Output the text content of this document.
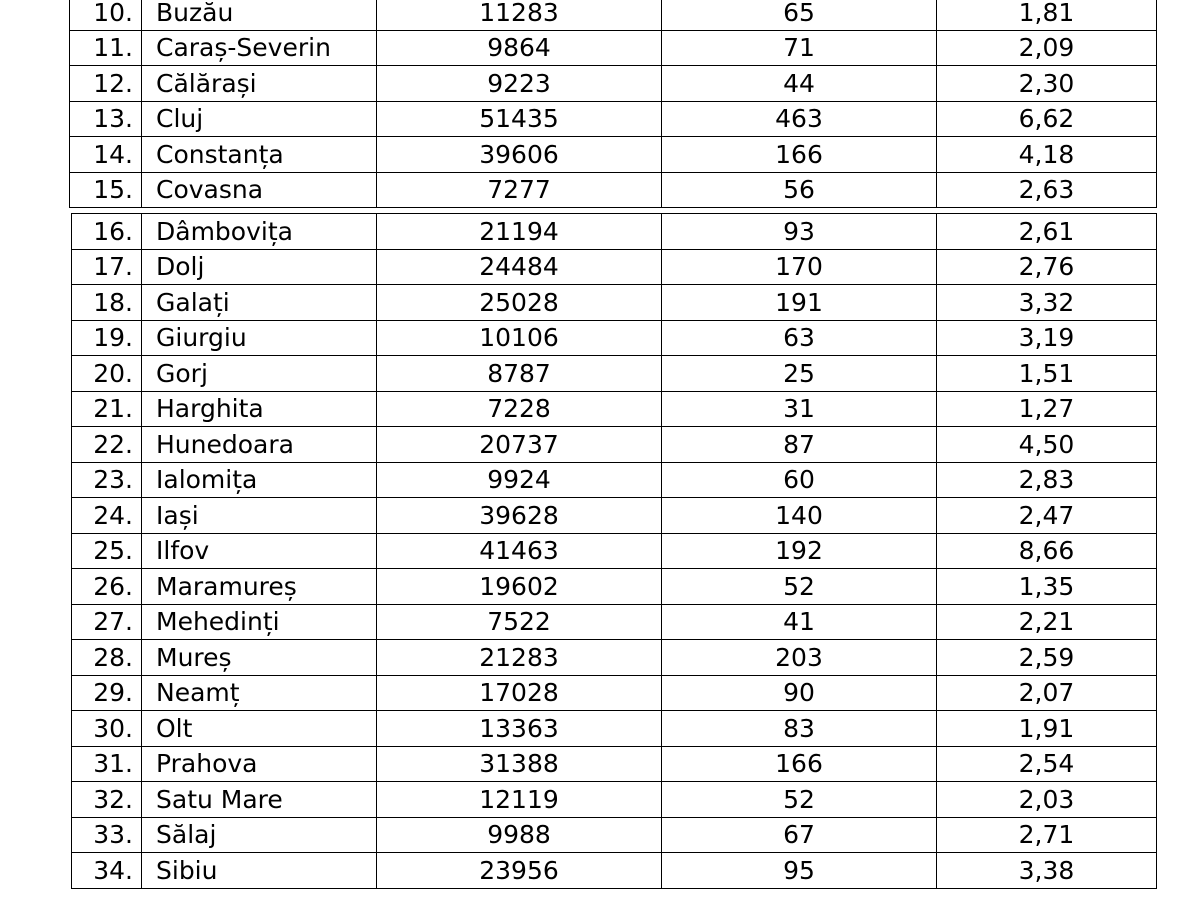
10.	Buzău	11283	65	1,81
11.	Caraș-Severin	9864	71	2,09
12.	Călărași	9223	44	2,30
13.	Cluj	51435	463	6,62
14.	Constanța	39606	166	4,18
15.	Covasna	7277	56	2,63
16.	Dâmbovița	21194	93	2,61
17.	Dolj	24484	170	2,76
18.	Galați	25028	191	3,32
19.	Giurgiu	10106	63	3,19
20.	Gorj	8787	25	1,51
21.	Harghita	7228	31	1,27
22.	Hunedoara	20737	87	4,50
23.	Ialomița	9924	60	2,83
24.	Iași	39628	140	2,47
25.	Ilfov	41463	192	8,66
26.	Maramureș	19602	52	1,35
27.	Mehedinți	7522	41	2,21
28.	Mureș	21283	203	2,59
29.	Neamț	17028	90	2,07
30.	Olt	13363	83	1,91
31.	Prahova	31388	166	2,54
32.	Satu Mare	12119	52	2,03
33.	Sălaj	9988	67	2,71
34.	Sibiu	23956	95	3,38
